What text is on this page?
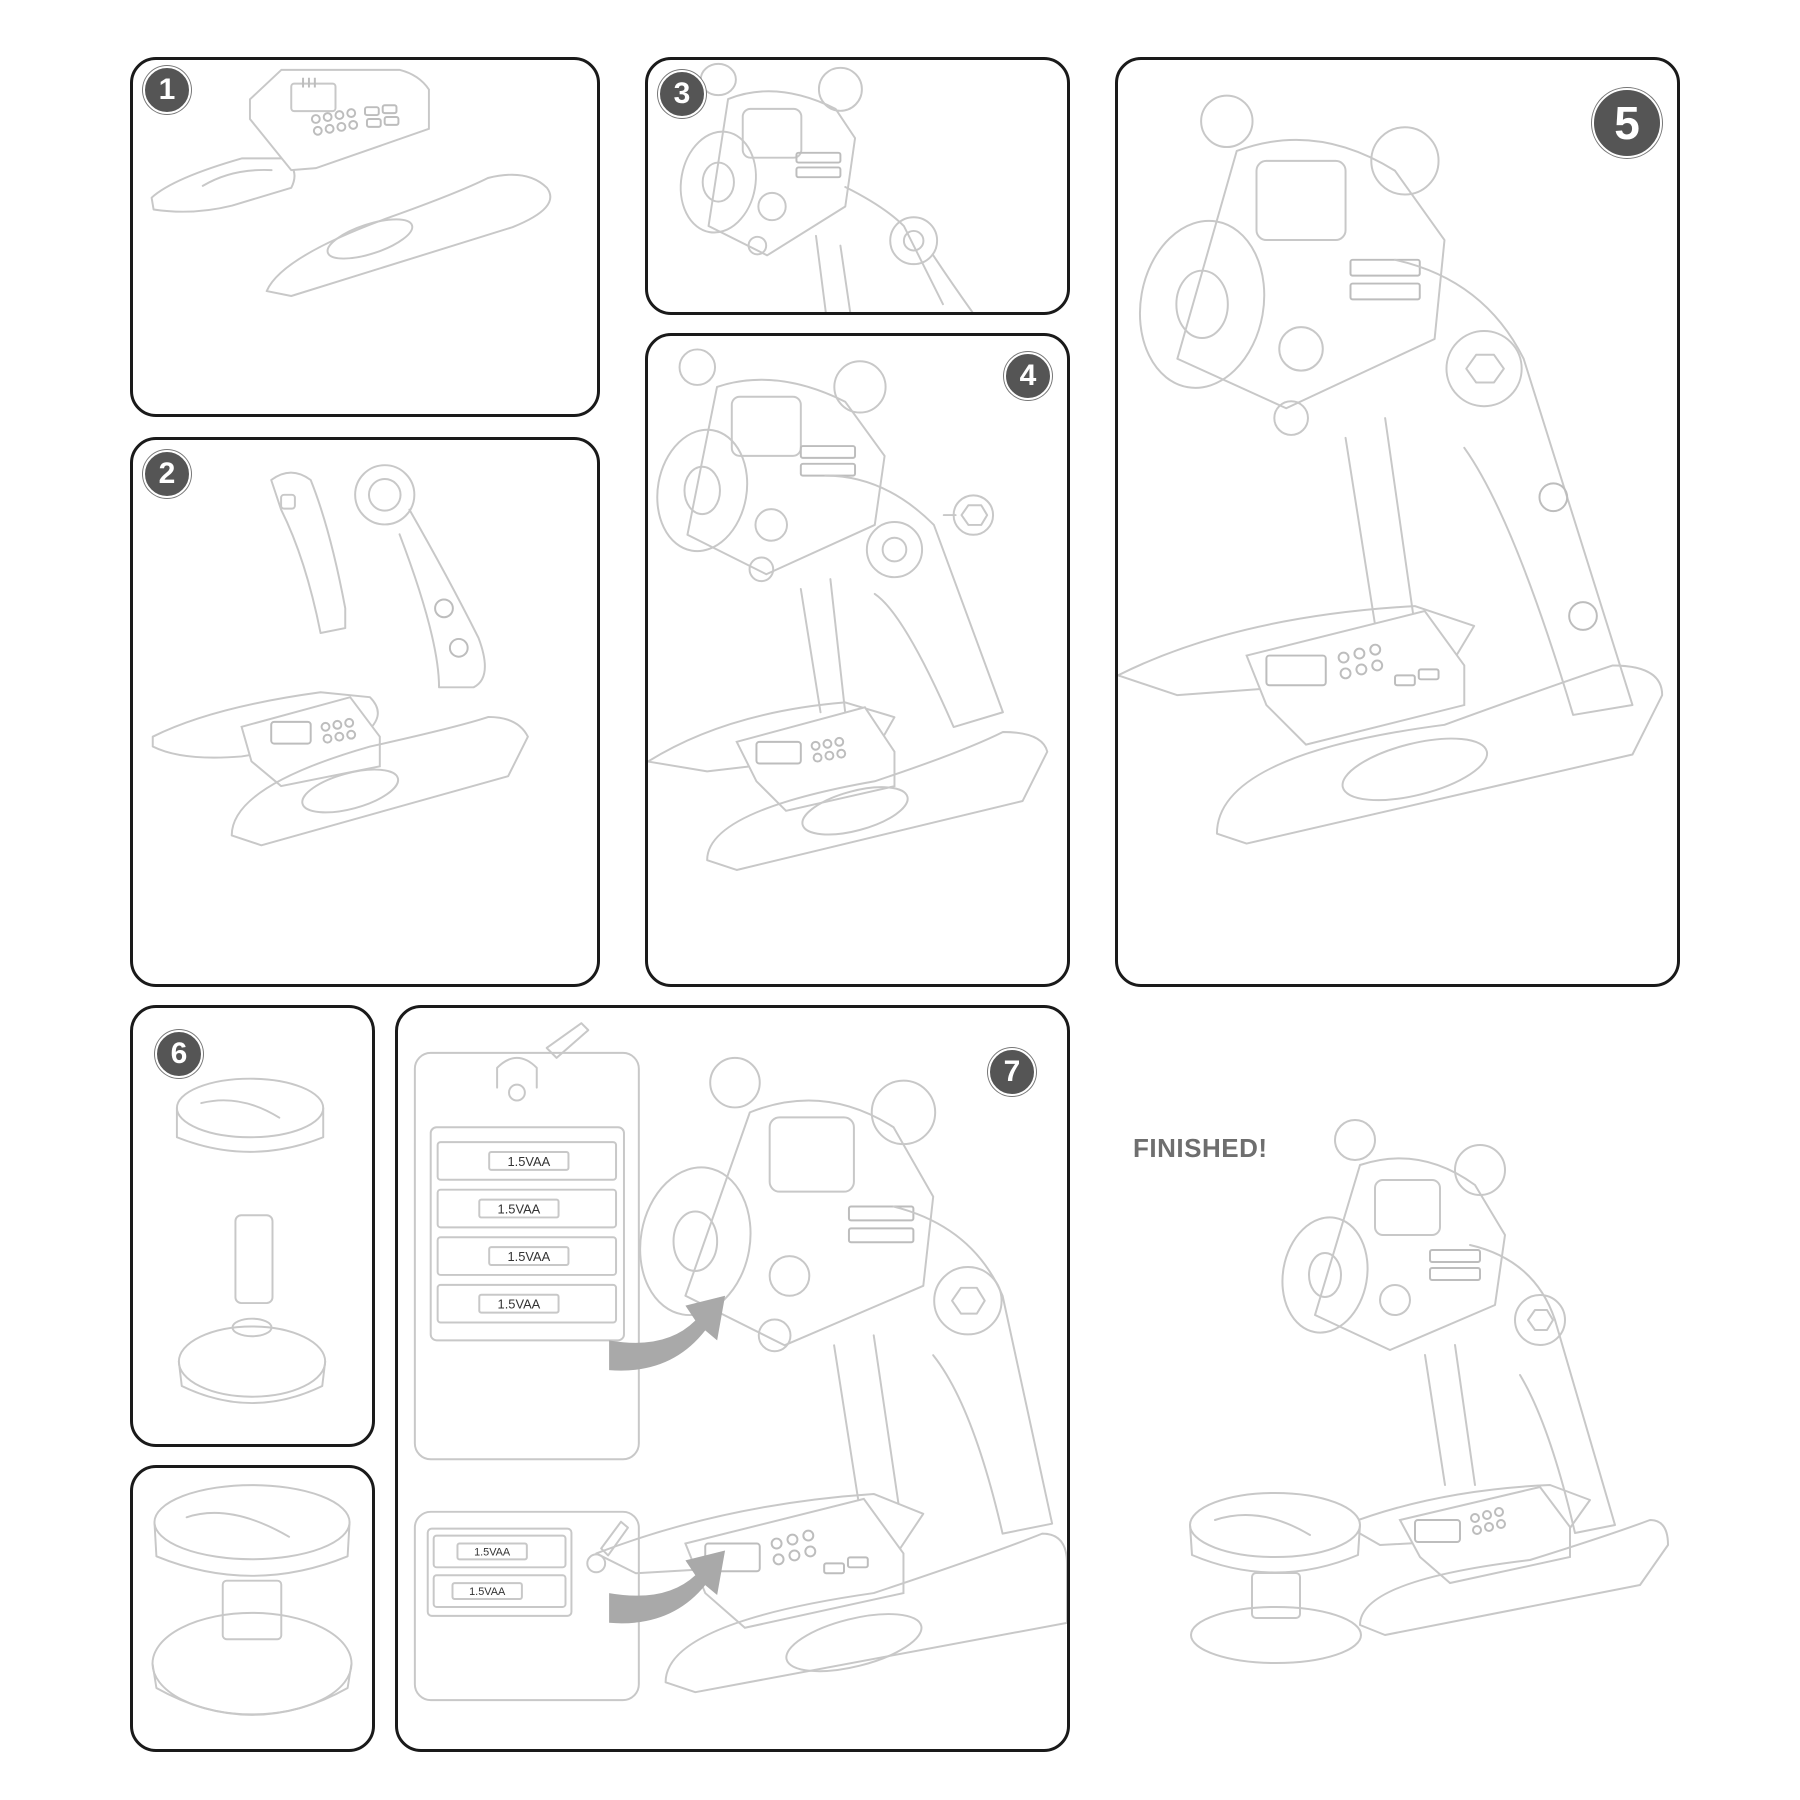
1
2
3
4
5
6
1.5VAA
1.5VAA
1.5VAA
1.5VAA
1.5VAA
1.5VAA
7
FINISHED!
